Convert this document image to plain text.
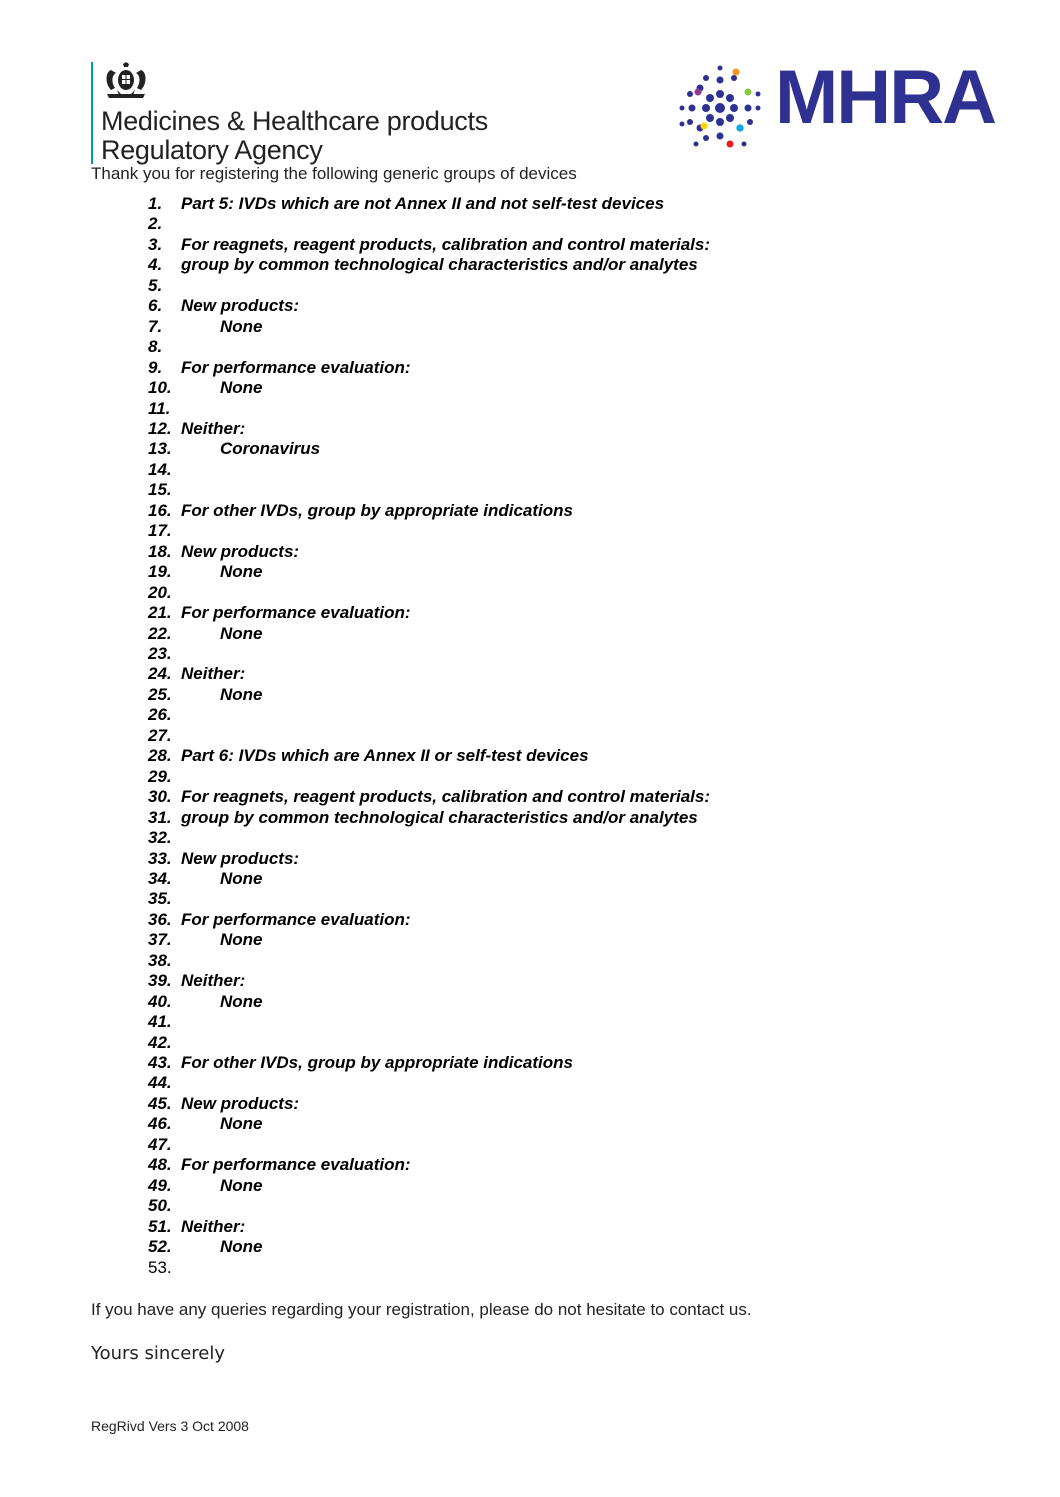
Medicines & Healthcare products
Regulatory Agency
MHRA
Thank you for registering the following generic groups of devices
1. Part 5: IVDs which are not Annex II and not self-test devices
2.
3. For reagnets, reagent products, calibration and control materials:
4. group by common technological characteristics and/or analytes
5.
6. New products:
7.	None
8.
9. For performance evaluation:
10.	None
11.
12. Neither:
13.	Coronavirus
14.
15.
16. For other IVDs, group by appropriate indications
17.
18. New products:
19.	None
20.
21. For performance evaluation:
22.	None
23.
24. Neither:
25.	None
26.
27.
28. Part 6: IVDs which are Annex II or self-test devices
29.
30. For reagnets, reagent products, calibration and control materials:
31. group by common technological characteristics and/or analytes
32.
33. New products:
34.	None
35.
36. For performance evaluation:
37.	None
38.
39. Neither:
40.	None
41.
42.
43. For other IVDs, group by appropriate indications
44.
45. New products:
46.	None
47.
48. For performance evaluation:
49.	None
50.
51. Neither:
52.	None
53.
If you have any queries regarding your registration, please do not hesitate to contact us.
Yours sincerely
RegRivd Vers 3 Oct 2008
